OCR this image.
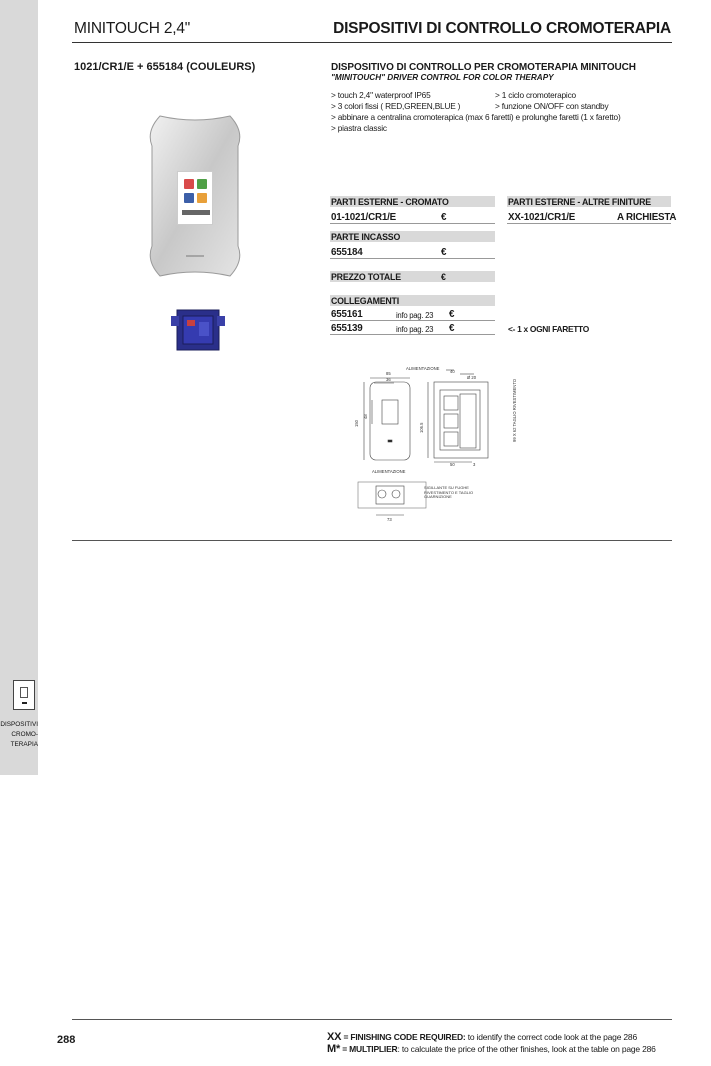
DISPOSITIVI
CROMO-
TERAPIA
MINITOUCH 2,4"	DISPOSITIVI DI CONTROLLO CROMOTERAPIA
1021/CR1/E + 655184 (COULEURS)	DISPOSITIVO DI CONTROLLO PER CROMOTERAPIA MINITOUCH
"MINITOUCH" DRIVER CONTROL FOR COLOR THERAPY
> touch 2,4" waterproof IP65
> 3 colori fissi ( RED,GREEN,BLUE )
> abbinare a centralina cromoterapica (max 6 faretti) e prolunghe faretti (1 x faretto)
> piastra classic
> 1 ciclo cromoterapico
> funzione ON/OFF con standby
PARTI ESTERNE - CROMATO	PARTI ESTERNE - ALTRE FINITURE
01-1021/CR1/E	€	XX-1021/CR1/E	A RICHIESTA
PARTE INCASSO
655184	€
PREZZO TOTALE	€
COLLEGAMENTI
655161	info pag. 23 €
655139	info pag. 23 €	<- 1 x OGNI FARETTO
ALIMENTAZIONE
85
36
40
Ø 20
150
48
106.5	99 X 62 TAGLIO RIVESTIMENTO
50	3
ALIMENTAZIONE
73
SIGILLANTE SU FUGHE RIVESTIMENTO E TAGLIO GUARNIZIONE
288	XX = FINISHING CODE REQUIRED: to identify the correct code look at the page 286
M* = MULTIPLIER: to calculate the price of the other finishes, look at the table on page 286
